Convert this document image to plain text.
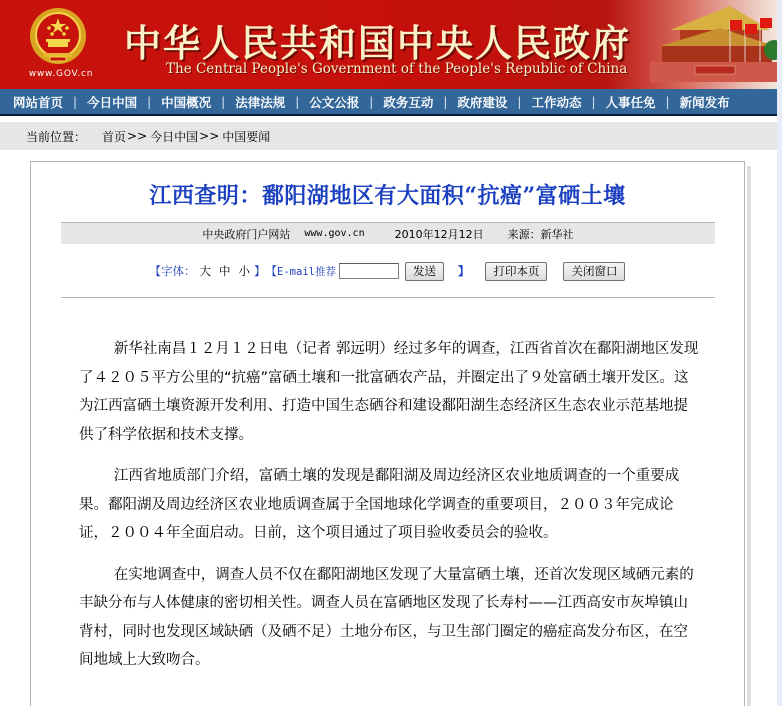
www.GOV.cn
中华人民共和国中央人民政府
The Central People's Government of the People's Republic of China
网站首页 | 今日中国 | 中国概况 | 法律法规 | 公文公报 | 政务互动 | 政府建设 | 工作动态 | 人事任免 | 新闻发布
当前位置： 首页 >> 今日中国 >> 中国要闻
江西查明：鄱阳湖地区有大面积“抗癌”富硒土壤
中央政府门户网站 www.gov.cn	2010年12月12日 来源：新华社
【字体： 大 中 小 】 【 E-mail推荐	发送	】	打印本页	关闭窗口

新华社南昌１２月１２日电（记者 郭远明）经过多年的调查，江西省首次在鄱阳湖地区发现了４２０５平方公里的“抗癌”富硒土壤和一批富硒农产品，并圈定出了９处富硒土壤开发区。这为江西富硒土壤资源开发利用、打造中国生态硒谷和建设鄱阳湖生态经济区生态农业示范基地提供了科学依据和技术支撑。

江西省地质部门介绍，富硒土壤的发现是鄱阳湖及周边经济区农业地质调查的一个重要成果。鄱阳湖及周边经济区农业地质调查属于全国地球化学调查的重要项目，２００３年完成论证，２００４年全面启动。日前，这个项目通过了项目验收委员会的验收。

在实地调查中，调查人员不仅在鄱阳湖地区发现了大量富硒土壤，还首次发现区域硒元素的丰缺分布与人体健康的密切相关性。调查人员在富硒地区发现了长寿村——江西高安市灰埠镇山背村，同时也发现区域缺硒（及硒不足）土地分布区，与卫生部门圈定的癌症高发分布区，在空间地域上大致吻合。
